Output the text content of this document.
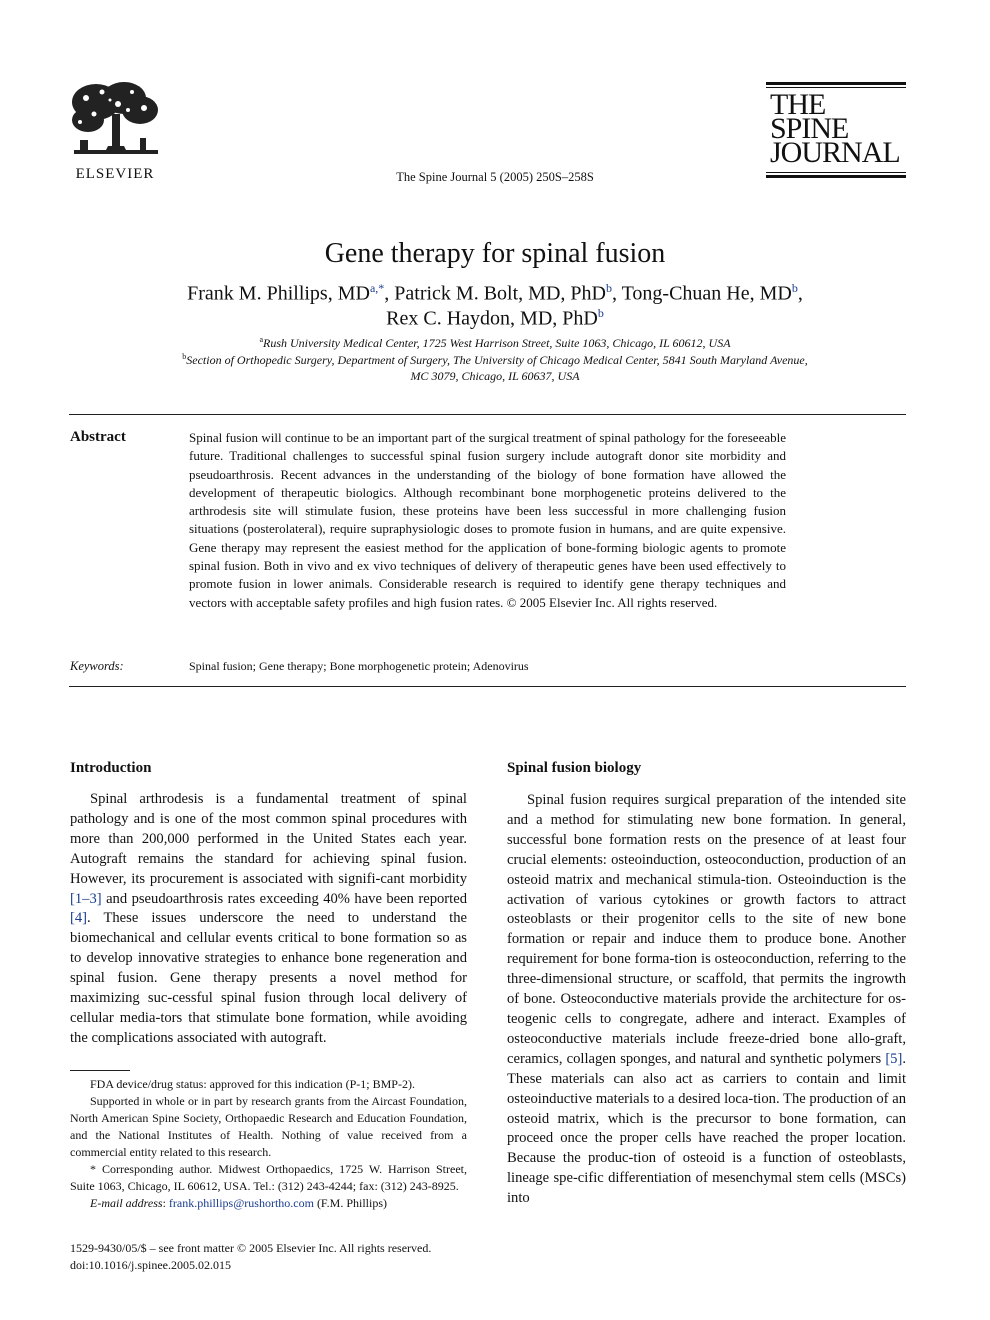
ELSEVIER	The Spine Journal 5 (2005) 250S–258S
THE
SPINE
JOURNAL
Gene therapy for spinal fusion
Frank M. Phillips, $MD^{a,*}$, Patrick M. Bolt, MD, PhD$^b$, Tong-Chuan He, $MD^b$,
Rex C. Haydon, MD, PhD$^b$
$^a$Rush University Medical Center, 1725 West Harrison Street, Suite 1063, Chicago, IL 60612, USA
$^b$Section of Orthopedic Surgery, Department of Surgery, The University of Chicago Medical Center, 5841 South Maryland Avenue,
MC 3079, Chicago, IL 60637, USA
Abstract	Spinal fusion will continue to be an important part of the surgical treatment of spinal pathology for the foreseeable future. Traditional challenges to successful spinal fusion surgery include autograft donor site morbidity and pseudoarthrosis. Recent advances in the understanding of the biology of bone formation have allowed the development of therapeutic biologics. Although recombinant bone morphogenetic proteins delivered to the arthrodesis site will stimulate fusion, these proteins have been less successful in more challenging fusion situations (posterolateral), require supraphysiologic doses to promote fusion in humans, and are quite expensive. Gene therapy may represent the easiest method for the application of bone-forming biologic agents to promote spinal fusion. Both in vivo and ex vivo techniques of delivery of therapeutic genes have been used effectively to promote fusion in lower animals. Considerable research is required to identify gene therapy techniques and vectors with acceptable safety profiles and high fusion rates. © 2005 Elsevier Inc. All rights reserved.
Keywords:	Spinal fusion; Gene therapy; Bone morphogenetic protein; Adenovirus
Introduction
Spinal arthrodesis is a fundamental treatment of spinal pathology and is one of the most common spinal procedures with more than 200,000 performed in the United States each year. Autograft remains the standard for achieving spinal fusion. However, its procurement is associated with signifi-cant morbidity [1–3] and pseudoarthrosis rates exceeding 40% have been reported [4]. These issues underscore the need to understand the biomechanical and cellular events critical to bone formation so as to develop innovative strategies to enhance bone regeneration and spinal fusion. Gene therapy presents a novel method for maximizing suc-cessful spinal fusion through local delivery of cellular media-tors that stimulate bone formation, while avoiding the complications associated with autograft.

FDA device/drug status: approved for this indication (P-1; BMP-2).

Supported in whole or in part by research grants from the Aircast Foundation, North American Spine Society, Orthopaedic Research and Education Foundation, and the National Institutes of Health. Nothing of value received from a commercial entity related to this research.

* Corresponding author. Midwest Orthopaedics, 1725 W. Harrison Street, Suite 1063, Chicago, IL 60612, USA. Tel.: (312) 243-4244; fax: (312) 243-8925.

E-mail address: frank.phillips@rushortho.com (F.M. Phillips)

1529-9430/05/$ – see front matter © 2005 Elsevier Inc. All rights reserved.
doi:10.1016/j.spinee.2005.02.015
Spinal fusion biology
Spinal fusion requires surgical preparation of the intended site and a method for stimulating new bone formation. In general, successful bone formation rests on the presence of at least four crucial elements: osteoinduction, osteoconduction, production of an osteoid matrix and mechanical stimula-tion. Osteoinduction is the activation of various cytokines or growth factors to attract osteoblasts or their progenitor cells to the site of new bone formation or repair and induce them to produce bone. Another requirement for bone forma-tion is osteoconduction, referring to the three-dimensional structure, or scaffold, that permits the ingrowth of bone. Osteoconductive materials provide the architecture for os-teogenic cells to congregate, adhere and interact. Examples of osteoconductive materials include freeze-dried bone allo-graft, ceramics, collagen sponges, and natural and synthetic polymers [5]. These materials can also act as carriers to contain and limit osteoinductive materials to a desired loca-tion. The production of an osteoid matrix, which is the precursor to bone formation, can proceed once the proper cells have reached the proper location. Because the produc-tion of osteoid is a function of osteoblasts, lineage spe-cific differentiation of mesenchymal stem cells (MSCs) into
